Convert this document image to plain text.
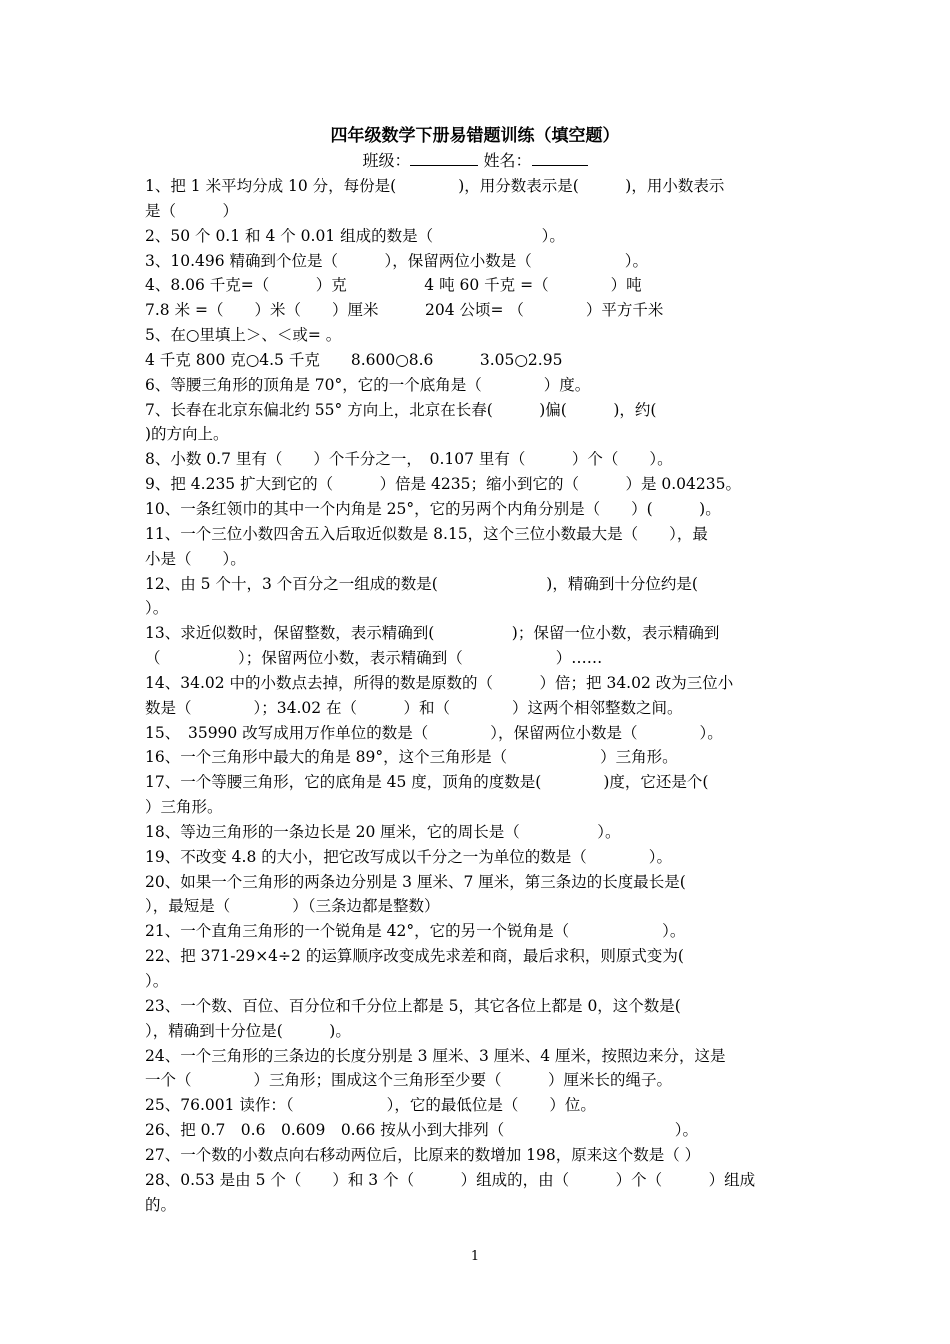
四年级数学下册易错题训练（填空题）
班级：	姓名：
1、把 1 米平均分成 10 分，每份是(　　　　)，用分数表示是(　　　)，用小数表示
是（　　　）
2、50 个 0.1 和 4 个 0.01 组成的数是（　　　　　　　）。
3、10.496 精确到个位是（　　　），保留两位小数是（　　　　　　）。
4、8.06 千克=（　　　）克　　　　　4 吨 60 千克 =（　　　　）吨
7.8 米 =（　　）米（　　）厘米　　　204 公顷= （　　　　）平方千米
5、在○里填上＞、＜或= 。
4 千克 800 克○4.5 千克　　8.600○8.6　　　3.05○2.95
6、等腰三角形的顶角是 70°，它的一个底角是（　　　　）度。
7、长春在北京东偏北约 55° 方向上，北京在长春(　　　)偏(　　　)，约(
)的方向上。
8、小数 0.7 里有（　　）个千分之一，　0.107 里有（　　　）个（　　）。
9、把 4.235 扩大到它的（　　　）倍是 4235；缩小到它的（　　　）是 0.04235。
10、一条红领巾的其中一个内角是 25°，它的另两个内角分别是（　　）(　　　)。
11、一个三位小数四舍五入后取近似数是 8.15，这个三位小数最大是（　　），最
小是（　　）。
12、由 5 个十，3 个百分之一组成的数是(　　　　　　　)，精确到十分位约是(
）。
13、求近似数时，保留整数，表示精确到(　　　　　)；保留一位小数，表示精确到
（　　　　　）；保留两位小数，表示精确到（　　　　　　）……
14、34.02 中的小数点去掉，所得的数是原数的（　　　）倍；把 34.02 改为三位小
数是（　　　　）；34.02 在（　　　）和（　　　　）这两个相邻整数之间。
15、　35990 改写成用万作单位的数是（　　　　），保留两位小数是（　　　　）。
16、一个三角形中最大的角是 89°，这个三角形是（　　　　　　）三角形。
17、一个等腰三角形，它的底角是 45 度，顶角的度数是(　　　　)度，它还是个(
）三角形。
18、等边三角形的一条边长是 20 厘米，它的周长是（　　　　　）。
19、不改变 4.8 的大小，把它改写成以千分之一为单位的数是（　　　　）。
20、如果一个三角形的两条边分别是 3 厘米、7 厘米，第三条边的长度最长是(
），最短是（　　　　）（三条边都是整数）
21、一个直角三角形的一个锐角是 42°，它的另一个锐角是（　　　　　　）。
22、把 371-29×4÷2 的运算顺序改变成先求差和商，最后求积，则原式变为(
）。
23、一个数、百位、百分位和千分位上都是 5，其它各位上都是 0，这个数是(
），精确到十分位是(　　　)。
24、一个三角形的三条边的长度分别是 3 厘米、3 厘米、4 厘米，按照边来分，这是
一个（　　　　）三角形；围成这个三角形至少要（　　　）厘米长的绳子。
25、76.001 读作：（　　　　　　），它的最低位是（　　）位。
26、把 0.7　0.6　0.609　0.66 按从小到大排列（　　　　　　　　　　　）。
27、一个数的小数点向右移动两位后，比原来的数增加 198，原来这个数是（ ）
28、0.53 是由 5 个（　　）和 3 个（　　　）组成的，由（　　　）个（　　　）组成
的。
1
